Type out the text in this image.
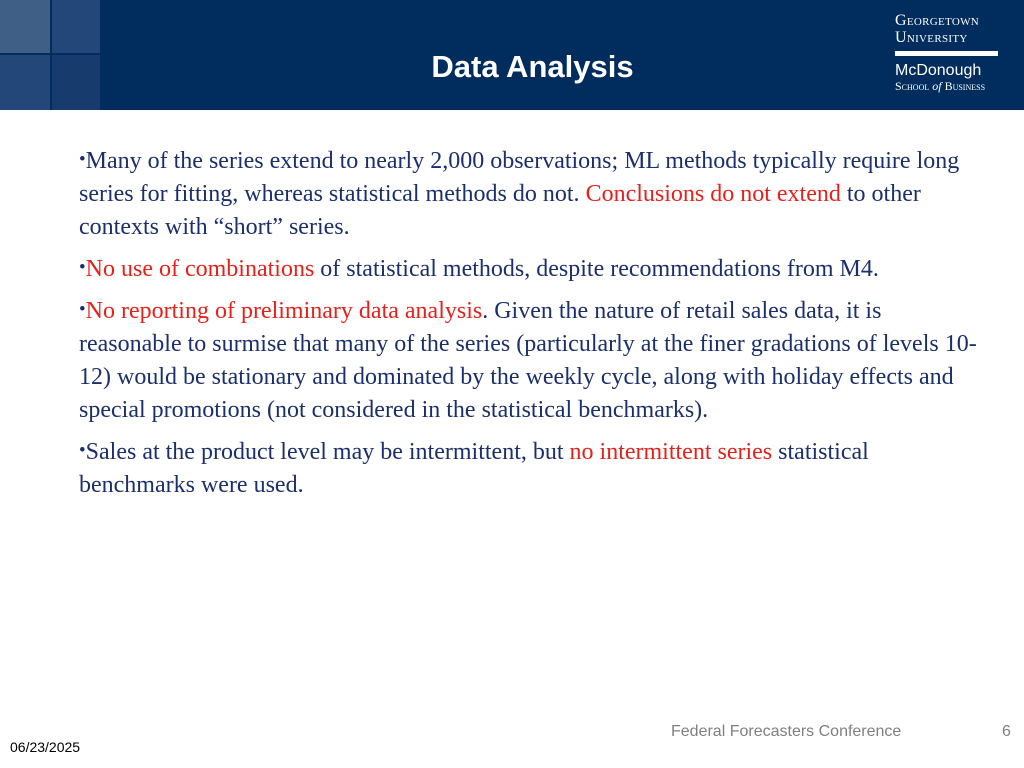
Data Analysis
Georgetown
University
McDonough
School of Business

•Many of the series extend to nearly 2,000 observations; ML methods typically require long series for fitting, whereas statistical methods do not. Conclusions do not extend to other contexts with “short” series.

•No use of combinations of statistical methods, despite recommendations from M4.

•No reporting of preliminary data analysis. Given the nature of retail sales data, it is reasonable to surmise that many of the series (particularly at the finer gradations of levels 10-12) would be stationary and dominated by the weekly cycle, along with holiday effects and special promotions (not considered in the statistical benchmarks).

•Sales at the product level may be intermittent, but no intermittent series statistical benchmarks were used.

Federal Forecasters Conference	6
06/23/2025
